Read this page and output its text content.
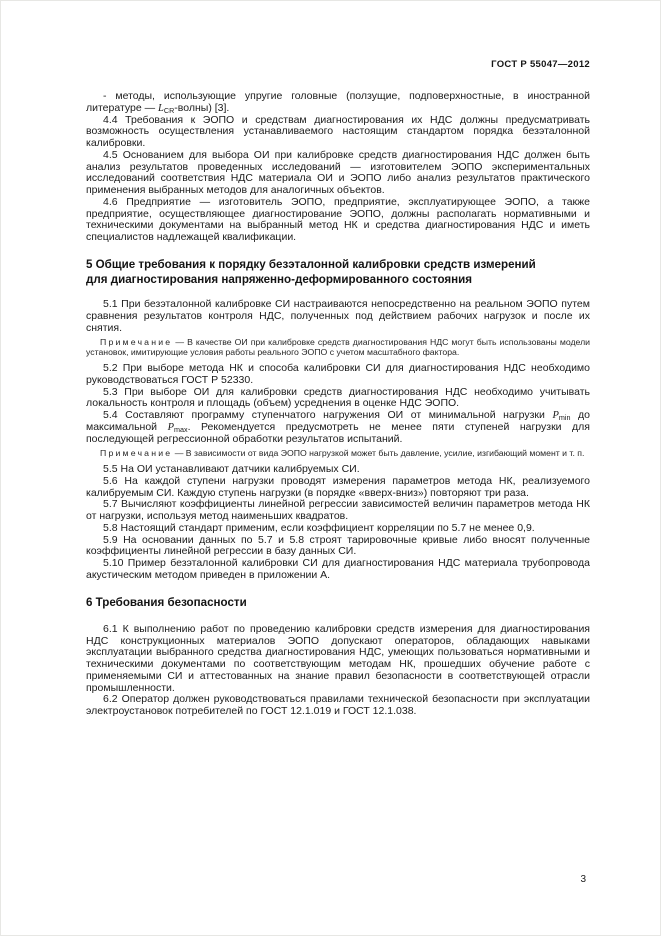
ГОСТ Р 55047—2012

- методы, использующие упругие головные (ползущие, подповерхностные, в иностранной литературе — $L_{CR}-волны$) [3].

4.4 Требования к ЭОПО и средствам диагностирования их НДС должны предусматривать возможность осуществления устанавливаемого настоящим стандартом порядка безэталонной калибровки.

4.5 Основанием для выбора ОИ при калибровке средств диагностирования НДС должен быть анализ результатов проведенных исследований — изготовителем ЭОПО экспериментальных исследований соответствия НДС материала ОИ и ЭОПО либо анализ результатов практического применения выбранных методов для аналогичных объектов.

4.6 Предприятие — изготовитель ЭОПО, предприятие, эксплуатирующее ЭОПО, а также предприятие, осуществляющее диагностирование ЭОПО, должны располагать нормативными и техническими документами на выбранный метод НК и средства диагностирования НДС и иметь специалистов надлежащей квалификации.

5 Общие требования к порядку безэталонной калибровки средств измерений для диагностирования напряженно-деформированного состояния

5.1 При безэталонной калибровке СИ настраиваются непосредственно на реальном ЭОПО путем сравнения результатов контроля НДС, полученных под действием рабочих нагрузок и после их снятия.

Примечание — В качестве ОИ при калибровке средств диагностирования НДС могут быть использованы модели установок, имитирующие условия работы реального ЭОПО с учетом масштабного фактора.

5.2 При выборе метода НК и способа калибровки СИ для диагностирования НДС необходимо руководствоваться ГОСТ Р 52330.

5.3 При выборе ОИ для калибровки средств диагностирования НДС необходимо учитывать локальность контроля и площадь (объем) усреднения в оценке НДС ЭОПО.

5.4 Составляют программу ступенчатого нагружения ОИ от минимальной нагрузки $P_{min}$ до максимальной $P_{max}$. Рекомендуется предусмотреть не менее пяти ступеней нагрузки для последующей регрессионной обработки результатов испытаний.

Примечание — В зависимости от вида ЭОПО нагрузкой может быть давление, усилие, изгибающий момент и т. п.

5.5 На ОИ устанавливают датчики калибруемых СИ.

5.6 На каждой ступени нагрузки проводят измерения параметров метода НК, реализуемого калибруемым СИ. Каждую ступень нагрузки (в порядке «вверх-вниз») повторяют три раза.

5.7 Вычисляют коэффициенты линейной регрессии зависимостей величин параметров метода НК от нагрузки, используя метод наименьших квадратов.

5.8 Настоящий стандарт применим, если коэффициент корреляции по 5.7 не менее 0,9.

5.9 На основании данных по 5.7 и 5.8 строят тарировочные кривые либо вносят полученные коэффициенты линейной регрессии в базу данных СИ.

5.10 Пример безэталонной калибровки СИ для диагностирования НДС материала трубопровода акустическим методом приведен в приложении А.

6 Требования безопасности

6.1 К выполнению работ по проведению калибровки средств измерения для диагностирования НДС конструкционных материалов ЭОПО допускают операторов, обладающих навыками эксплуатации выбранного средства диагностирования НДС, умеющих пользоваться нормативными и техническими документами по соответствующим методам НК, прошедших обучение работе с применяемыми СИ и аттестованных на знание правил безопасности в соответствующей отрасли промышленности.

6.2 Оператор должен руководствоваться правилами технической безопасности при эксплуатации электроустановок потребителей по ГОСТ 12.1.019 и ГОСТ 12.1.038.

3
